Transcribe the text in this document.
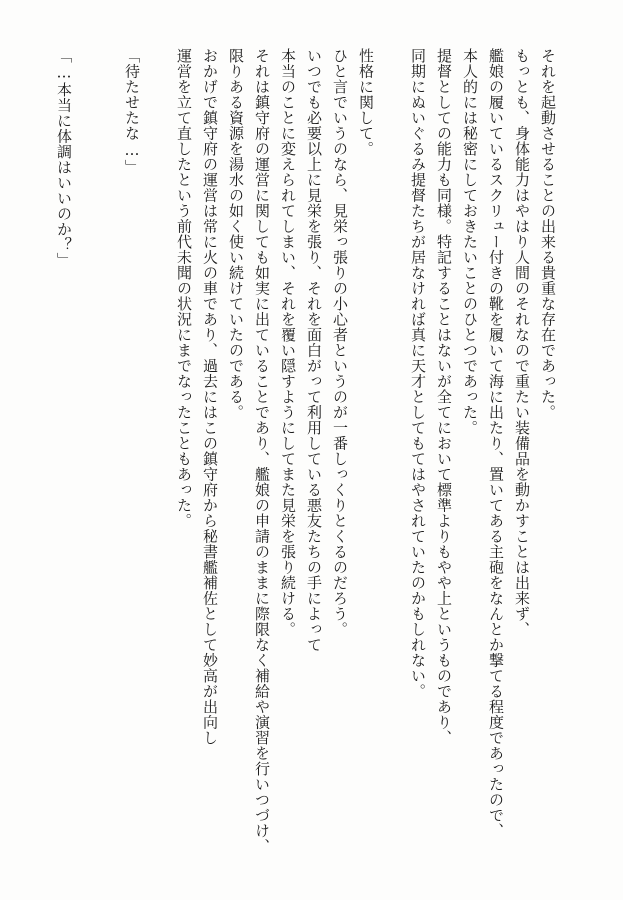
それを起動させることの出来る貴重な存在であった。

もっとも、身体能力はやはり人間のそれなので重たい装備品を動かすことは出来ず、

艦娘の履いているスクリュー付きの靴を履いて海に出たり、置いてある主砲をなんとか撃てる程度であったので、

本人的には秘密にしておきたいことのひとつであった。

提督としての能力も同様。特記することはないが全てにおいて標準よりもやや上というものであり、

同期にぬいぐるみ提督たちが居なければ真に天才としてもてはやされていたのかもしれない。

性格に関して。

ひと言でいうのなら、見栄っ張りの小心者というのが一番しっくりとくるのだろう。

いつでも必要以上に見栄を張り、それを面白がって利用している悪友たちの手によって

本当のことに変えられてしまい、それを覆い隠すようにしてまた見栄を張り続ける。

それは鎮守府の運営に関しても如実に出ていることであり、艦娘の申請のままに際限なく補給や演習を行いつづけ、

限りある資源を湯水の如く使い続けていたのである。

おかげで鎮守府の運営は常に火の車であり、過去にはこの鎮守府から秘書艦補佐として妙高が出向し

運営を立て直したという前代未聞の状況にまでなったこともあった。

「待たせたな…」

「…本当に体調はいいのか？」
